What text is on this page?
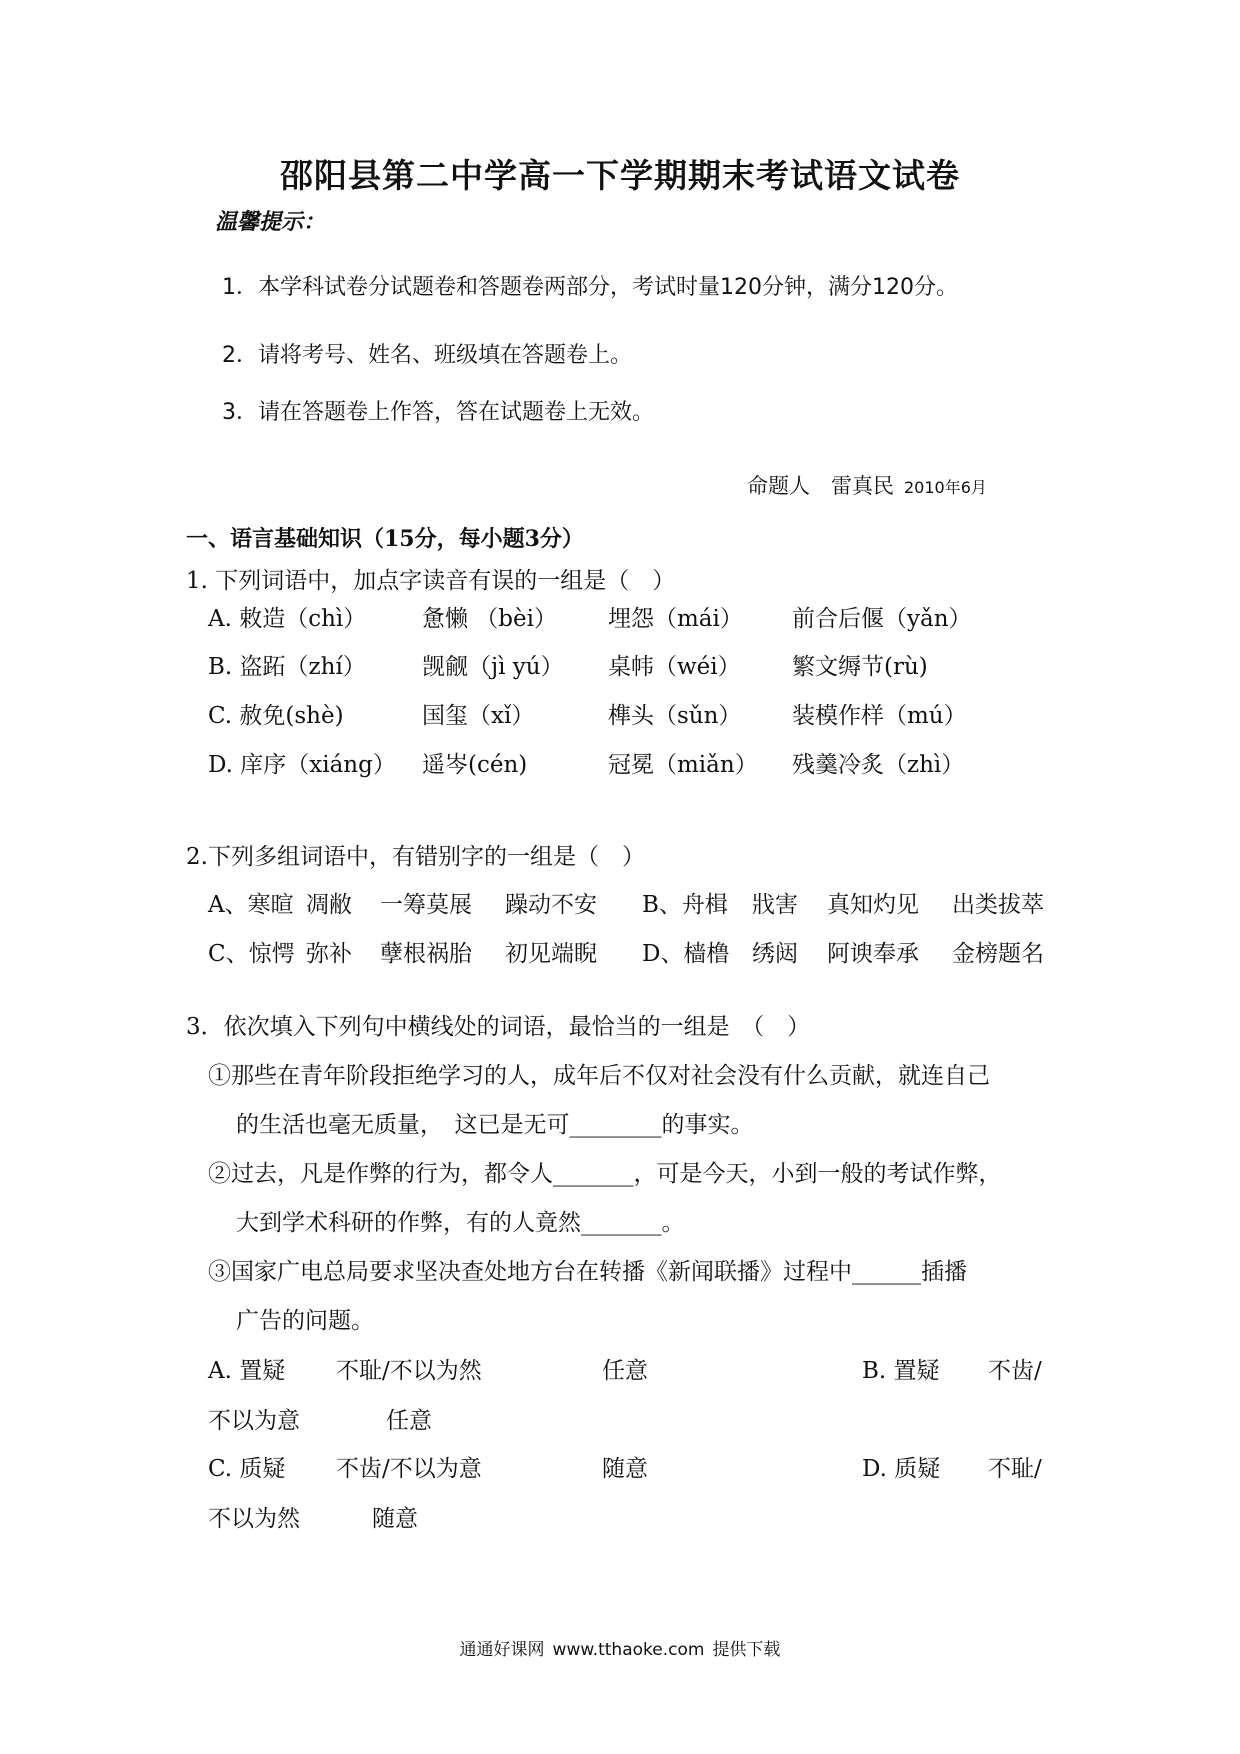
邵阳县第二中学高一下学期期末考试语文试卷
温馨提示：
1．本学科试卷分试题卷和答题卷两部分，考试时量120分钟，满分120分。
2．请将考号、姓名、班级填在答题卷上。
3．请在答题卷上作答，答在试题卷上无效。
命题人　雷真民 2010年6月
一、语言基础知识（15分，每小题3分）
1. 下列词语中，加点字读音有误的一组是（　）
A. 敕造（chì） 惫懒 （bèi） 埋怨（mái） 前合后偃（yǎn）
B. 盗跖（zhí） 觊觎（jì yú） 桌帏（wéi） 繁文缛节(rù)
C. 赦免(shè)	国玺（xǐ）	榫头（sǔn） 装模作样（mú）
D. 庠序（xiáng） 遥岑(cén)	冠冕（miǎn） 残羹冷炙（zhì）
2.下列多组词语中，有错别字的一组是（　）
A、寒暄 凋敝 一筹莫展 躁动不安 B、舟楫 戕害 真知灼见 出类拔萃
C、惊愕 弥补 孽根祸胎 初见端睨 D、樯橹 绣闼 阿谀奉承 金榜题名
3．依次填入下列句中横线处的词语，最恰当的一组是　（　）
①那些在青年阶段拒绝学习的人，成年后不仅对社会没有什么贡献，就连自己
的生活也毫无质量，　这已是无可________的事实。
②过去，凡是作弊的行为，都令人_______，可是今天，小到一般的考试作弊，
大到学术科研的作弊，有的人竟然_______。
③国家广电总局要求坚决查处地方台在转播《新闻联播》过程中______插播
广告的问题。
A. 置疑 不耻/不以为然	任意	B. 置疑 不齿/
不以为意	任意
C. 质疑 不齿/不以为意	随意	D. 质疑 不耻/
不以为然	随意
通通好课网 www.tthaoke.com 提供下载
